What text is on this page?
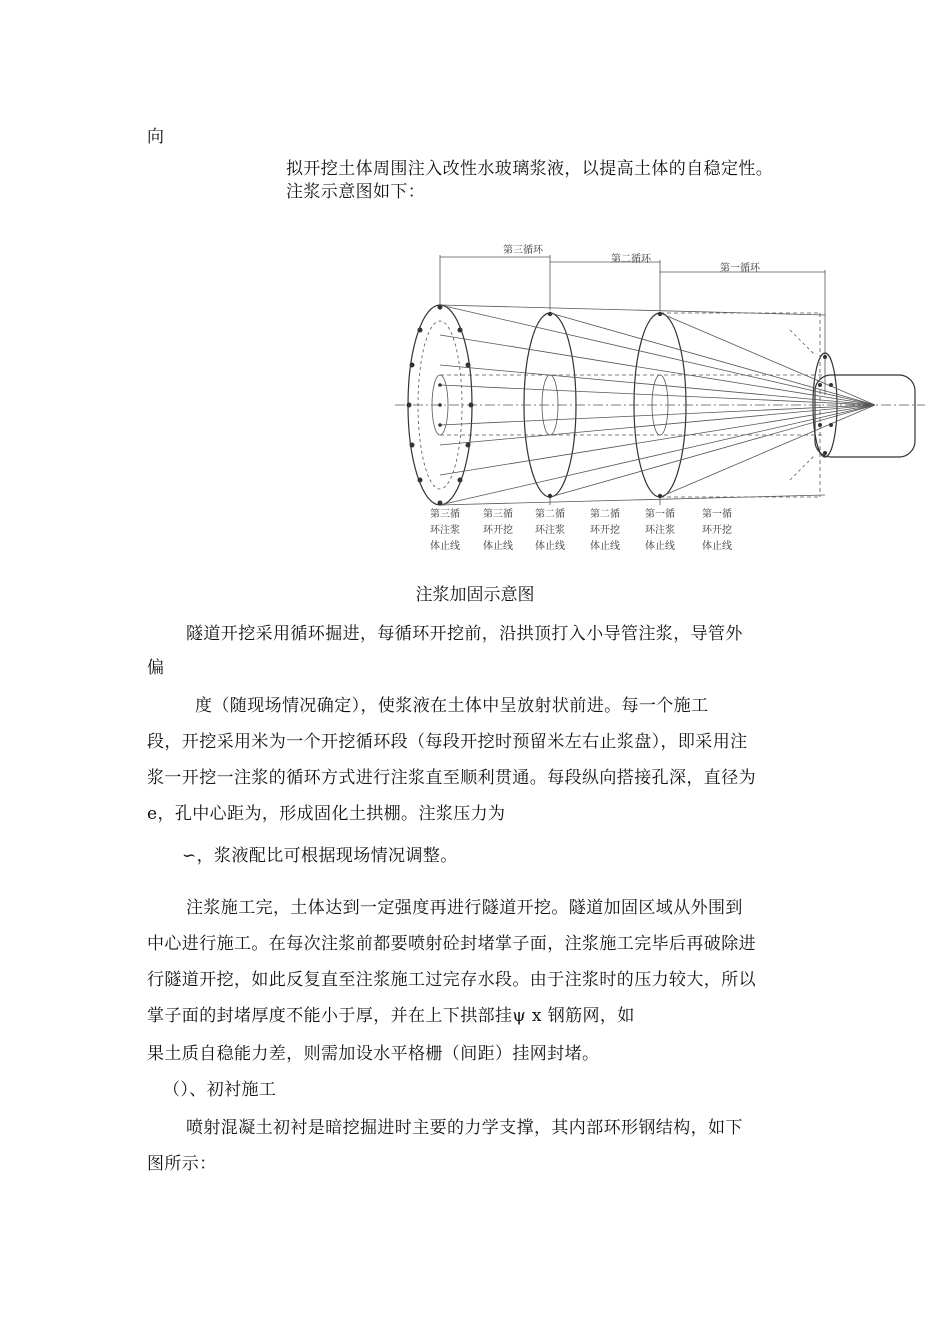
向
拟开挖土体周围注入改性水玻璃浆液，以提高土体的自稳定性。
注浆示意图如下：
第三循环
第二循环
第一循环
第三循
环注浆
体止线
第三循
环开挖
体止线
第二循
环注浆
体止线
第二循
环开挖
体止线
第一循
环注浆
体止线
第一循
环开挖
体止线
注浆加固示意图
隧道开挖采用循环掘进，每循环开挖前，沿拱顶打入小导管注浆，导管外
偏
度（随现场情况确定），使浆液在土体中呈放射状前进。每一个施工
段，开挖采用米为一个开挖循环段（每段开挖时预留米左右止浆盘），即采用注
浆一开挖一注浆的循环方式进行注浆直至顺利贯通。每段纵向搭接孔深，直径为
e，孔中心距为，形成固化土拱棚。注浆压力为
∽，浆液配比可根据现场情况调整。
注浆施工完，土体达到一定强度再进行隧道开挖。隧道加固区域从外围到
中心进行施工。在每次注浆前都要喷射砼封堵掌子面，注浆施工完毕后再破除进
行隧道开挖，如此反复直至注浆施工过完存水段。由于注浆时的压力较大，所以
掌子面的封堵厚度不能小于厚，并在上下拱部挂ψ x 钢筋网，如
果土质自稳能力差，则需加设水平格栅（间距）挂网封堵。
（）、初衬施工
喷射混凝土初衬是暗挖掘进时主要的力学支撑，其内部环形钢结构，如下
图所示：
